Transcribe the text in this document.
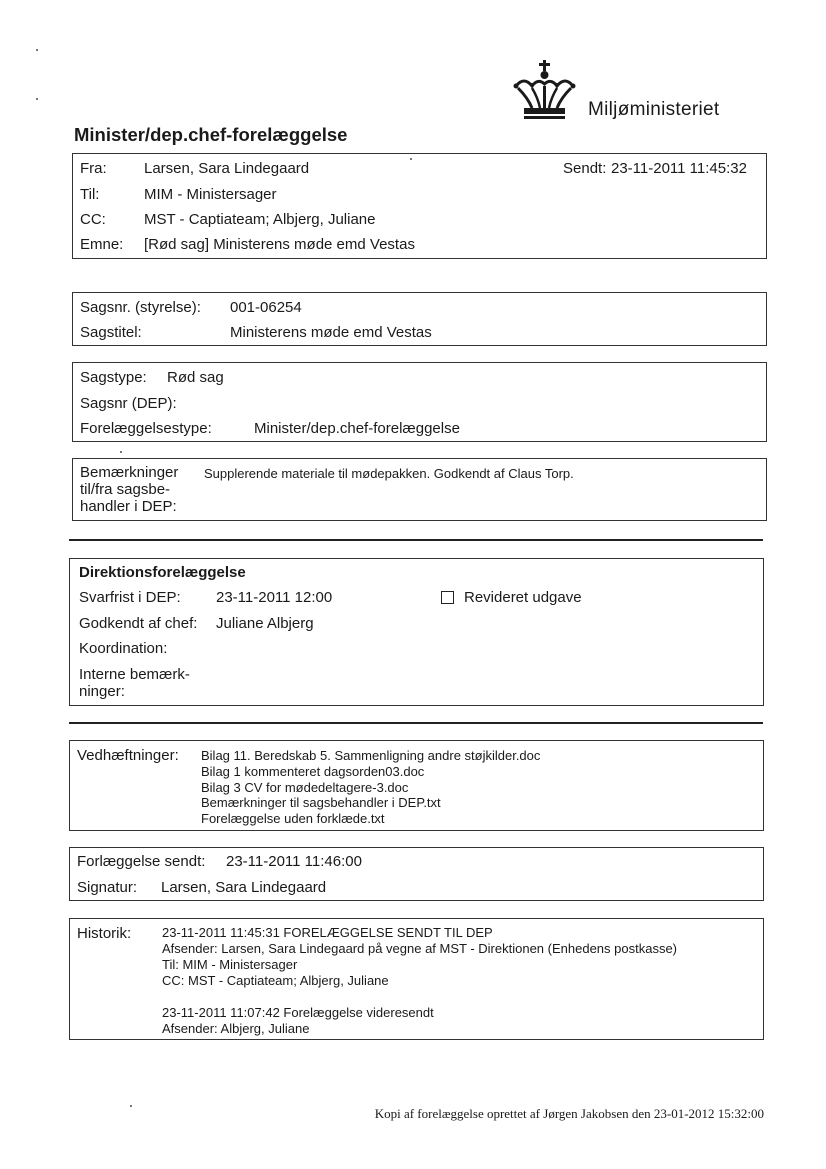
Miljøministeriet
Minister/dep.chef-forelæggelse
Fra: Larsen, Sara Lindegaard	Sendt: 23-11-2011 11:45:32
Til:	MIM - Ministersager
CC:	MST - Captiateam; Albjerg, Juliane
Emne: [Rød sag] Ministerens møde emd Vestas
Sagsnr. (styrelse): 001-06254
Sagstitel:	Ministerens møde emd Vestas
Sagstype: Rød sag
Sagsnr (DEP):
Forelæggelsestype:	Minister/dep.chef-forelæggelse
Bemærkninger
til/fra sagsbe-
handler i DEP:
Supplerende materiale til mødepakken. Godkendt af Claus Torp.
Direktionsforelæggelse
Svarfrist i DEP: 23-11-2011 12:00	Revideret udgave
Godkendt af chef: Juliane Albjerg
Koordination:
Interne bemærk-
ninger:
Vedhæftninger: Bilag 11. Beredskab 5. Sammenligning andre støjkilder.doc
Bilag 1 kommenteret dagsorden03.doc
Bilag 3 CV for mødedeltagere-3.doc
Bemærkninger til sagsbehandler i DEP.txt
Forelæggelse uden forklæde.txt
Forlæggelse sendt: 23-11-2011 11:46:00
Signatur: Larsen, Sara Lindegaard
Historik: 23-11-2011 11:45:31 FORELÆGGELSE SENDT TIL DEP
Afsender: Larsen, Sara Lindegaard på vegne af MST - Direktionen (Enhedens postkasse)
Til: MIM - Ministersager
CC: MST - Captiateam; Albjerg, Juliane
23-11-2011 11:07:42 Forelæggelse videresendt
Afsender: Albjerg, Juliane
Kopi af forelæggelse oprettet af Jørgen Jakobsen den 23-01-2012 15:32:00
